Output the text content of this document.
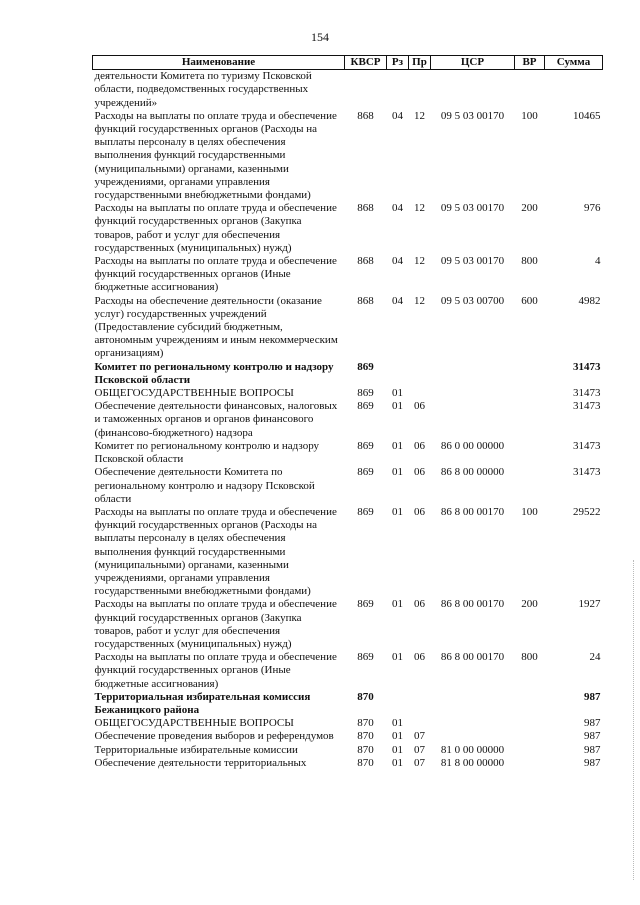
154
Наименование	КВСР	Рз	Пр	ЦСР	ВР	Сумма
деятельности Комитета по туризму Псковской области, подведомственных государственных учреждений»						
Расходы на выплаты по оплате труда и обеспечение функций государственных органов (Расходы на выплаты персоналу в целях обеспечения выполнения функций государственными (муниципальными) органами, казенными учреждениями, органами управления государственными внебюджетными фондами)	868	04	12	09 5 03 00170	100	10465
Расходы на выплаты по оплате труда и обеспечение функций государственных органов (Закупка товаров, работ и услуг для обеспечения государственных (муниципальных) нужд)	868	04	12	09 5 03 00170	200	976
Расходы на выплаты по оплате труда и обеспечение функций государственных органов (Иные бюджетные ассигнования)	868	04	12	09 5 03 00170	800	4
Расходы на обеспечение деятельности (оказание услуг) государственных учреждений (Предоставление субсидий бюджетным, автономным учреждениям и иным некоммерческим организациям)	868	04	12	09 5 03 00700	600	4982
Комитет по региональному контролю и надзору Псковской области	869					31473
ОБЩЕГОСУДАРСТВЕННЫЕ ВОПРОСЫ	869	01				31473
Обеспечение деятельности финансовых, налоговых и таможенных органов и органов финансового (финансово-бюджетного) надзора	869	01	06			31473
Комитет по региональному контролю и надзору Псковской области	869	01	06	86 0 00 00000		31473
Обеспечение деятельности Комитета по региональному контролю и надзору Псковской области	869	01	06	86 8 00 00000		31473
Расходы на выплаты по оплате труда и обеспечение функций государственных органов (Расходы на выплаты персоналу в целях обеспечения выполнения функций государственными (муниципальными) органами, казенными учреждениями, органами управления государственными внебюджетными фондами)	869	01	06	86 8 00 00170	100	29522
Расходы на выплаты по оплате труда и обеспечение функций государственных органов (Закупка товаров, работ и услуг для обеспечения государственных (муниципальных) нужд)	869	01	06	86 8 00 00170	200	1927
Расходы на выплаты по оплате труда и обеспечение функций государственных органов (Иные бюджетные ассигнования)	869	01	06	86 8 00 00170	800	24
Территориальная избирательная комиссия Бежаницкого района	870					987
ОБЩЕГОСУДАРСТВЕННЫЕ ВОПРОСЫ	870	01				987
Обеспечение проведения выборов и референдумов	870	01	07			987
Территориальные избирательные комиссии	870	01	07	81 0 00 00000		987
Обеспечение деятельности территориальных	870	01	07	81 8 00 00000		987
